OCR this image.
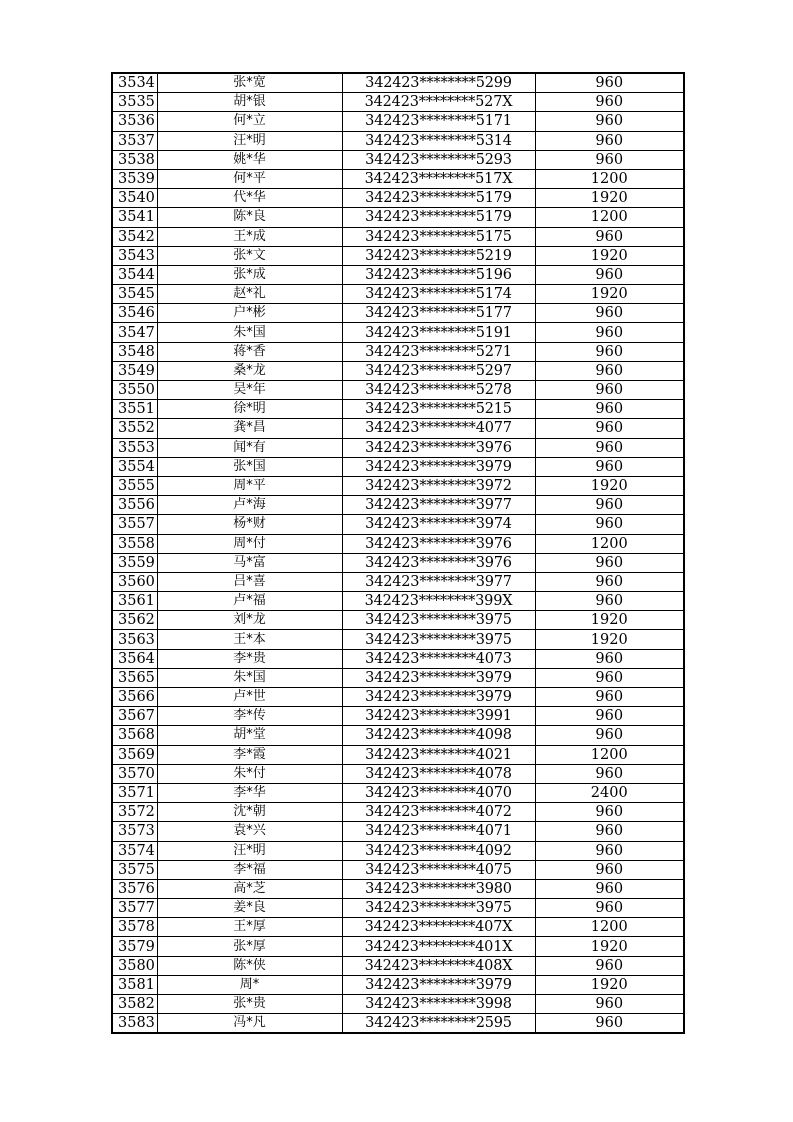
3534	张*宽	342423********5299	960
3535	胡*银	342423********527X	960
3536	何*立	342423********5171	960
3537	汪*明	342423********5314	960
3538	姚*华	342423********5293	960
3539	何*平	342423********517X	1200
3540	代*华	342423********5179	1920
3541	陈*良	342423********5179	1200
3542	王*成	342423********5175	960
3543	张*文	342423********5219	1920
3544	张*成	342423********5196	960
3545	赵*礼	342423********5174	1920
3546	户*彬	342423********5177	960
3547	朱*国	342423********5191	960
3548	蒋*香	342423********5271	960
3549	桑*龙	342423********5297	960
3550	吴*年	342423********5278	960
3551	徐*明	342423********5215	960
3552	龚*昌	342423********4077	960
3553	闻*有	342423********3976	960
3554	张*国	342423********3979	960
3555	周*平	342423********3972	1920
3556	卢*海	342423********3977	960
3557	杨*财	342423********3974	960
3558	周*付	342423********3976	1200
3559	马*富	342423********3976	960
3560	吕*喜	342423********3977	960
3561	卢*福	342423********399X	960
3562	刘*龙	342423********3975	1920
3563	王*本	342423********3975	1920
3564	李*贵	342423********4073	960
3565	朱*国	342423********3979	960
3566	卢*世	342423********3979	960
3567	李*传	342423********3991	960
3568	胡*堂	342423********4098	960
3569	李*霞	342423********4021	1200
3570	朱*付	342423********4078	960
3571	李*华	342423********4070	2400
3572	沈*朝	342423********4072	960
3573	袁*兴	342423********4071	960
3574	汪*明	342423********4092	960
3575	李*福	342423********4075	960
3576	高*芝	342423********3980	960
3577	姜*良	342423********3975	960
3578	王*厚	342423********407X	1200
3579	张*厚	342423********401X	1920
3580	陈*侠	342423********408X	960
3581	周*	342423********3979	1920
3582	张*贵	342423********3998	960
3583	冯*凡	342423********2595	960
